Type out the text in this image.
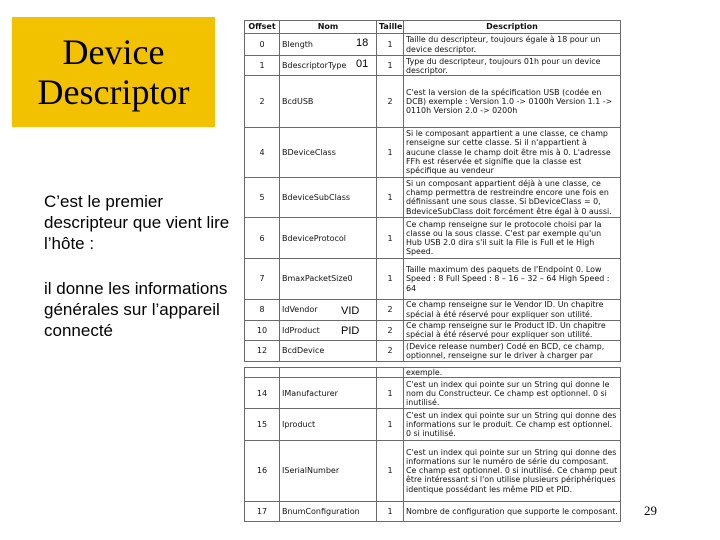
Device
Descriptor
C’est le premier descripteur que vient lire l’hôte :
il donne les informations générales sur l’appareil connecté
Offset	Nom	Taille	Description
0	Blength	1	Taille du descripteur, toujours égale à 18 pour un device descriptor.
1	BdescriptorType	1	Type du descripteur, toujours 01h pour un device descriptor.
2	BcdUSB	2	C'est la version de la spécification USB (codée en DCB) exemple : Version 1.0 -> 0100h Version 1.1 -> 0110h Version 2.0 -> 0200h
4	BDeviceClass	1	Si le composant appartient a une classe, ce champ renseigne sur cette classe. Si il n'appartient à aucune classe le champ doit être mis à 0. L'adresse FFh est réservée et signifie que la classe est spécifique au vendeur
5	BdeviceSubClass	1	Si un composant appartient déjà à une classe, ce champ permettra de restreindre encore une fois en définissant une sous classe. Si bDeviceClass = 0, BdeviceSubClass doit forcément être égal à 0 aussi.
6	BdeviceProtocol	1	Ce champ renseigne sur le protocole choisi par la classe ou la sous classe. C'est par exemple qu'un Hub USB 2.0 dira s'il suit la File is Full et le High Speed.
7	BmaxPacketSize0	1	Taille maximum des paquets de l'Endpoint 0. Low Speed : 8 Full Speed : 8 – 16 – 32 – 64 High Speed : 64
8	IdVendor	2	Ce champ renseigne sur le Vendor ID. Un chapitre spécial à été réservé pour expliquer son utilité.
10	IdProduct	2	Ce champ renseigne sur le Product ID. Un chapitre spécial à été réservé pour expliquer son utilité.
12	BcdDevice	2	(Device release number) Codé en BCD, ce champ, optionnel, renseigne sur le driver à charger par
			exemple.
14	IManufacturer	1	C'est un index qui pointe sur un String qui donne le nom du Constructeur. Ce champ est optionnel. 0 si inutilisé.
15	Iproduct	1	C'est un index qui pointe sur un String qui donne des informations sur le produit. Ce champ est optionnel. 0 si inutilisé.
16	ISerialNumber	1	C'est un index qui pointe sur un String qui donne des informations sur le numéro de série du composant. Ce champ est optionnel. 0 si inutilisé. Ce champ peut être intéressant si l'on utilise plusieurs périphériques identique possédant les même PID et PID.
17	BnumConfiguration	1	Nombre de configuration que supporte le composant.
18
01
VID
PID
29
